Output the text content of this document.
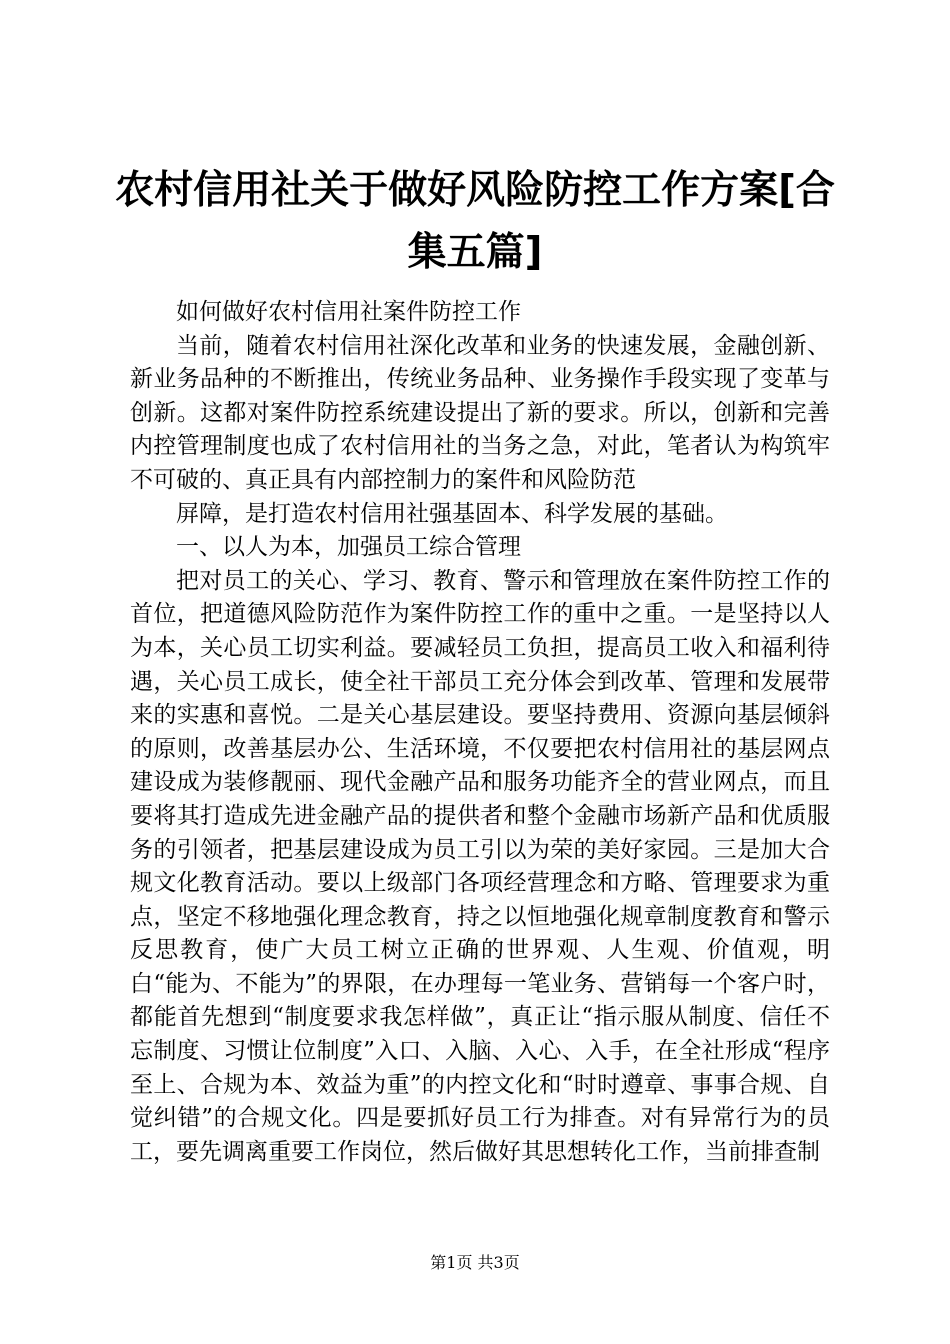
农村信用社关于做好风险防控工作方案[合集五篇]

如何做好农村信用社案件防控工作

当前，随着农村信用社深化改革和业务的快速发展，金融创新、新业务品种的不断推出，传统业务品种、业务操作手段实现了变革与创新。这都对案件防控系统建设提出了新的要求。所以，创新和完善内控管理制度也成了农村信用社的当务之急，对此，笔者认为构筑牢不可破的、真正具有内部控制力的案件和风险防范

屏障，是打造农村信用社强基固本、科学发展的基础。

一、以人为本，加强员工综合管理

把对员工的关心、学习、教育、警示和管理放在案件防控工作的首位，把道德风险防范作为案件防控工作的重中之重。一是坚持以人为本，关心员工切实利益。要减轻员工负担，提高员工收入和福利待遇，关心员工成长，使全社干部员工充分体会到改革、管理和发展带来的实惠和喜悦。二是关心基层建设。要坚持费用、资源向基层倾斜的原则，改善基层办公、生活环境，不仅要把农村信用社的基层网点建设成为装修靓丽、现代金融产品和服务功能齐全的营业网点，而且要将其打造成先进金融产品的提供者和整个金融市场新产品和优质服务的引领者，把基层建设成为员工引以为荣的美好家园。三是加大合规文化教育活动。要以上级部门各项经营理念和方略、管理要求为重点，坚定不移地强化理念教育，持之以恒地强化规章制度教育和警示反思教育，使广大员工树立正确的世界观、人生观、价值观，明白“能为、不能为”的界限，在办理每一笔业务、营销每一个客户时，都能首先想到“制度要求我怎样做”，真正让“指示服从制度、信任不忘制度、习惯让位制度”入口、入脑、入心、入手，在全社形成“程序至上、合规为本、效益为重”的内控文化和“时时遵章、事事合规、自觉纠错”的合规文化。四是要抓好员工行为排查。对有异常行为的员工，要先调离重要工作岗位，然后做好其思想转化工作，当前排查制

第1页 共3页
